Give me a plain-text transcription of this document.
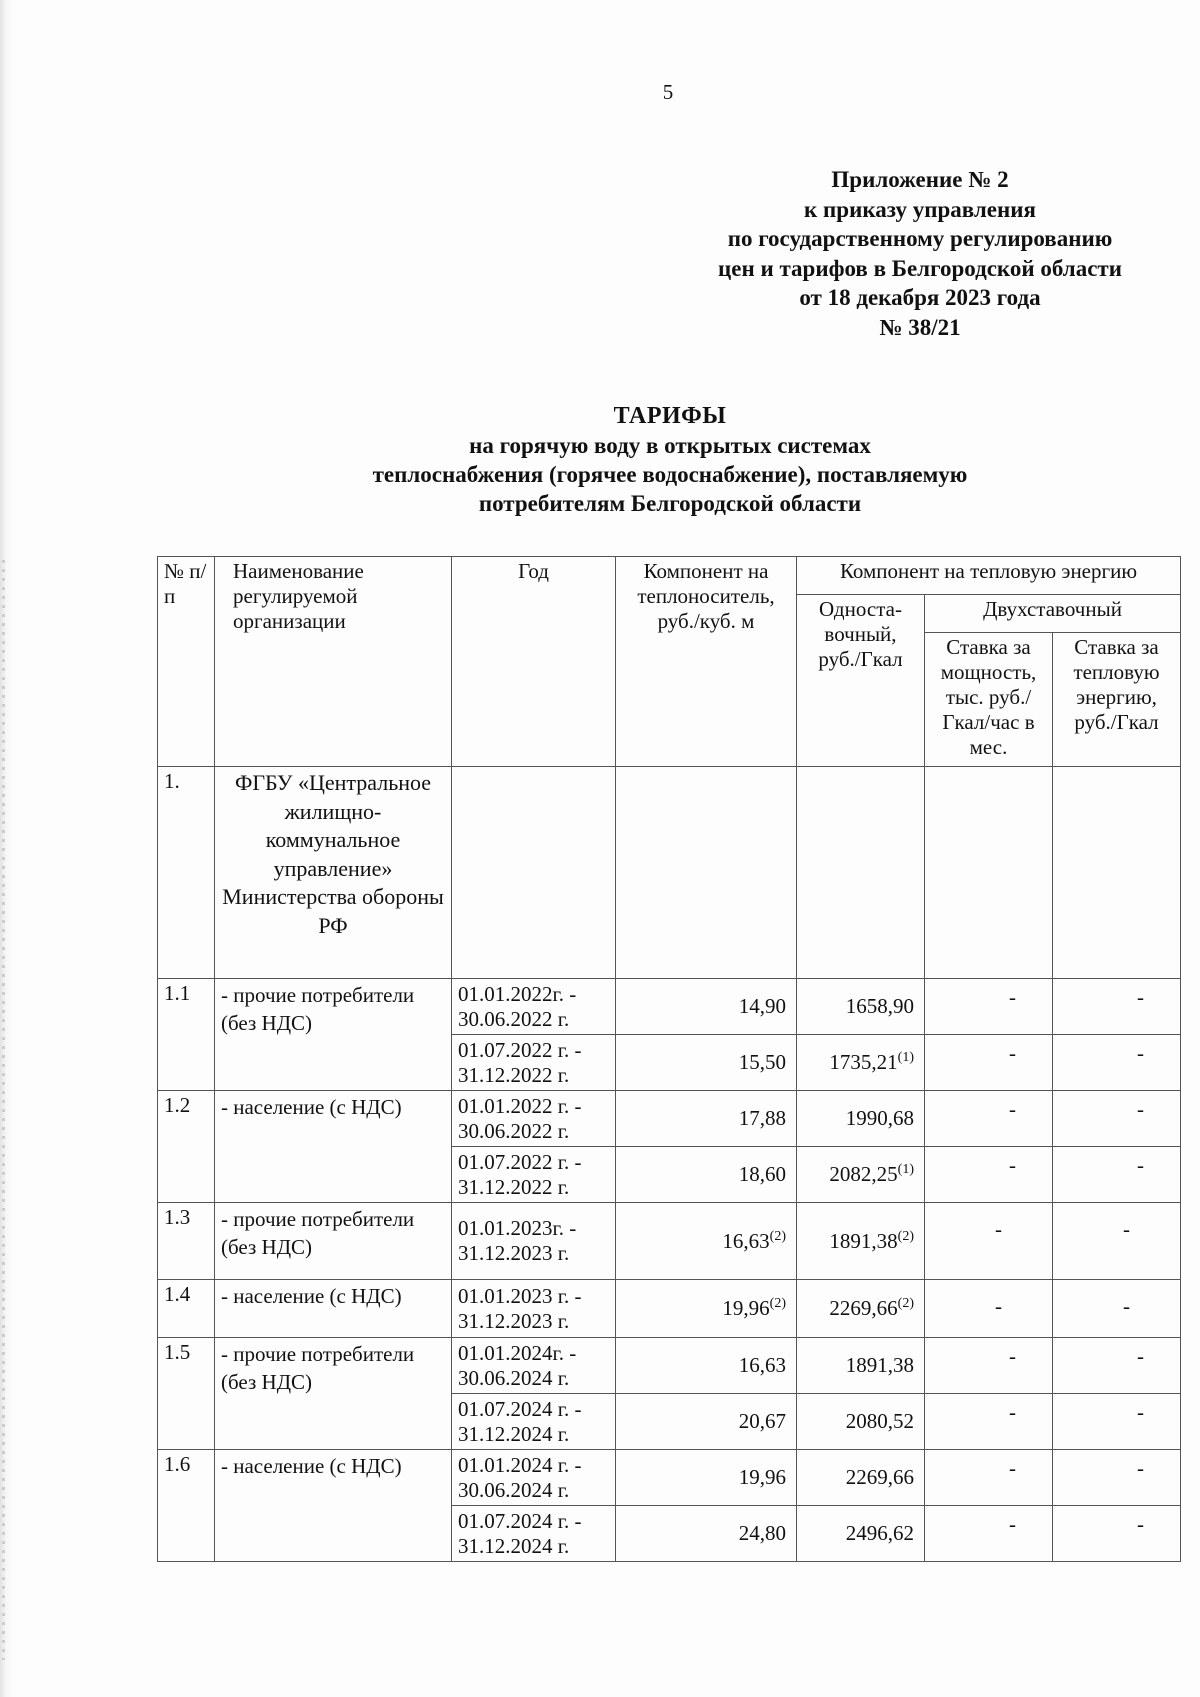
5
Приложение № 2
к приказу управления
по государственному регулированию
цен и тарифов в Белгородской области
от 18 декабря 2023 года
№ 38/21
ТАРИФЫ
на горячую воду в открытых системах
теплоснабжения (горячее водоснабжение), поставляемую
потребителям Белгородской области
№ п/п	Наименование регулируемой организации	Год	Компонент на теплоноситель, руб./куб. м	Компонент на тепловую энергию		
				Односта-вочный, руб./Гкал	Двухставочный	
					Ставка за мощность, тыс. руб./ Гкал/час в мес.	Ставка за тепловую энергию, руб./Гкал
1.	ФГБУ «Центральное жилищно-коммунальное управление» Министерства обороны РФ					
1.1	- прочие потребители (без НДС)	01.01.2022г. -
30.06.2022 г.	14,90	1658,90	-	-

		01.07.2022 г. -
31.12.2022 г.	15,50	1735,21$^{(1)}$	-	-
1.2	- население (с НДС)	01.01.2022 г. -
30.06.2022 г.	17,88	1990,68	-	-

		01.07.2022 г. -
31.12.2022 г.	18,60	2082,25$^{(1)}$	-	-
1.3	- прочие потребители (без НДС)	01.01.2023г. -
31.12.2023 г.	16,63$^{(2)}$	1891,38$^{(2)}$	-	-
1.4	- население (с НДС)	01.01.2023 г. -
31.12.2023 г.	19,96$^{(2)}$	2269,66$^{(2)}$	-	-
1.5	- прочие потребители (без НДС)	01.01.2024г. -
30.06.2024 г.	16,63	1891,38	-	-

		01.07.2024 г. -
31.12.2024 г.	20,67	2080,52	-	-
1.6	- население (с НДС)	01.01.2024 г. -
30.06.2024 г.	19,96	2269,66	-	-

		01.07.2024 г. -
31.12.2024 г.	24,80	2496,62	-	-
